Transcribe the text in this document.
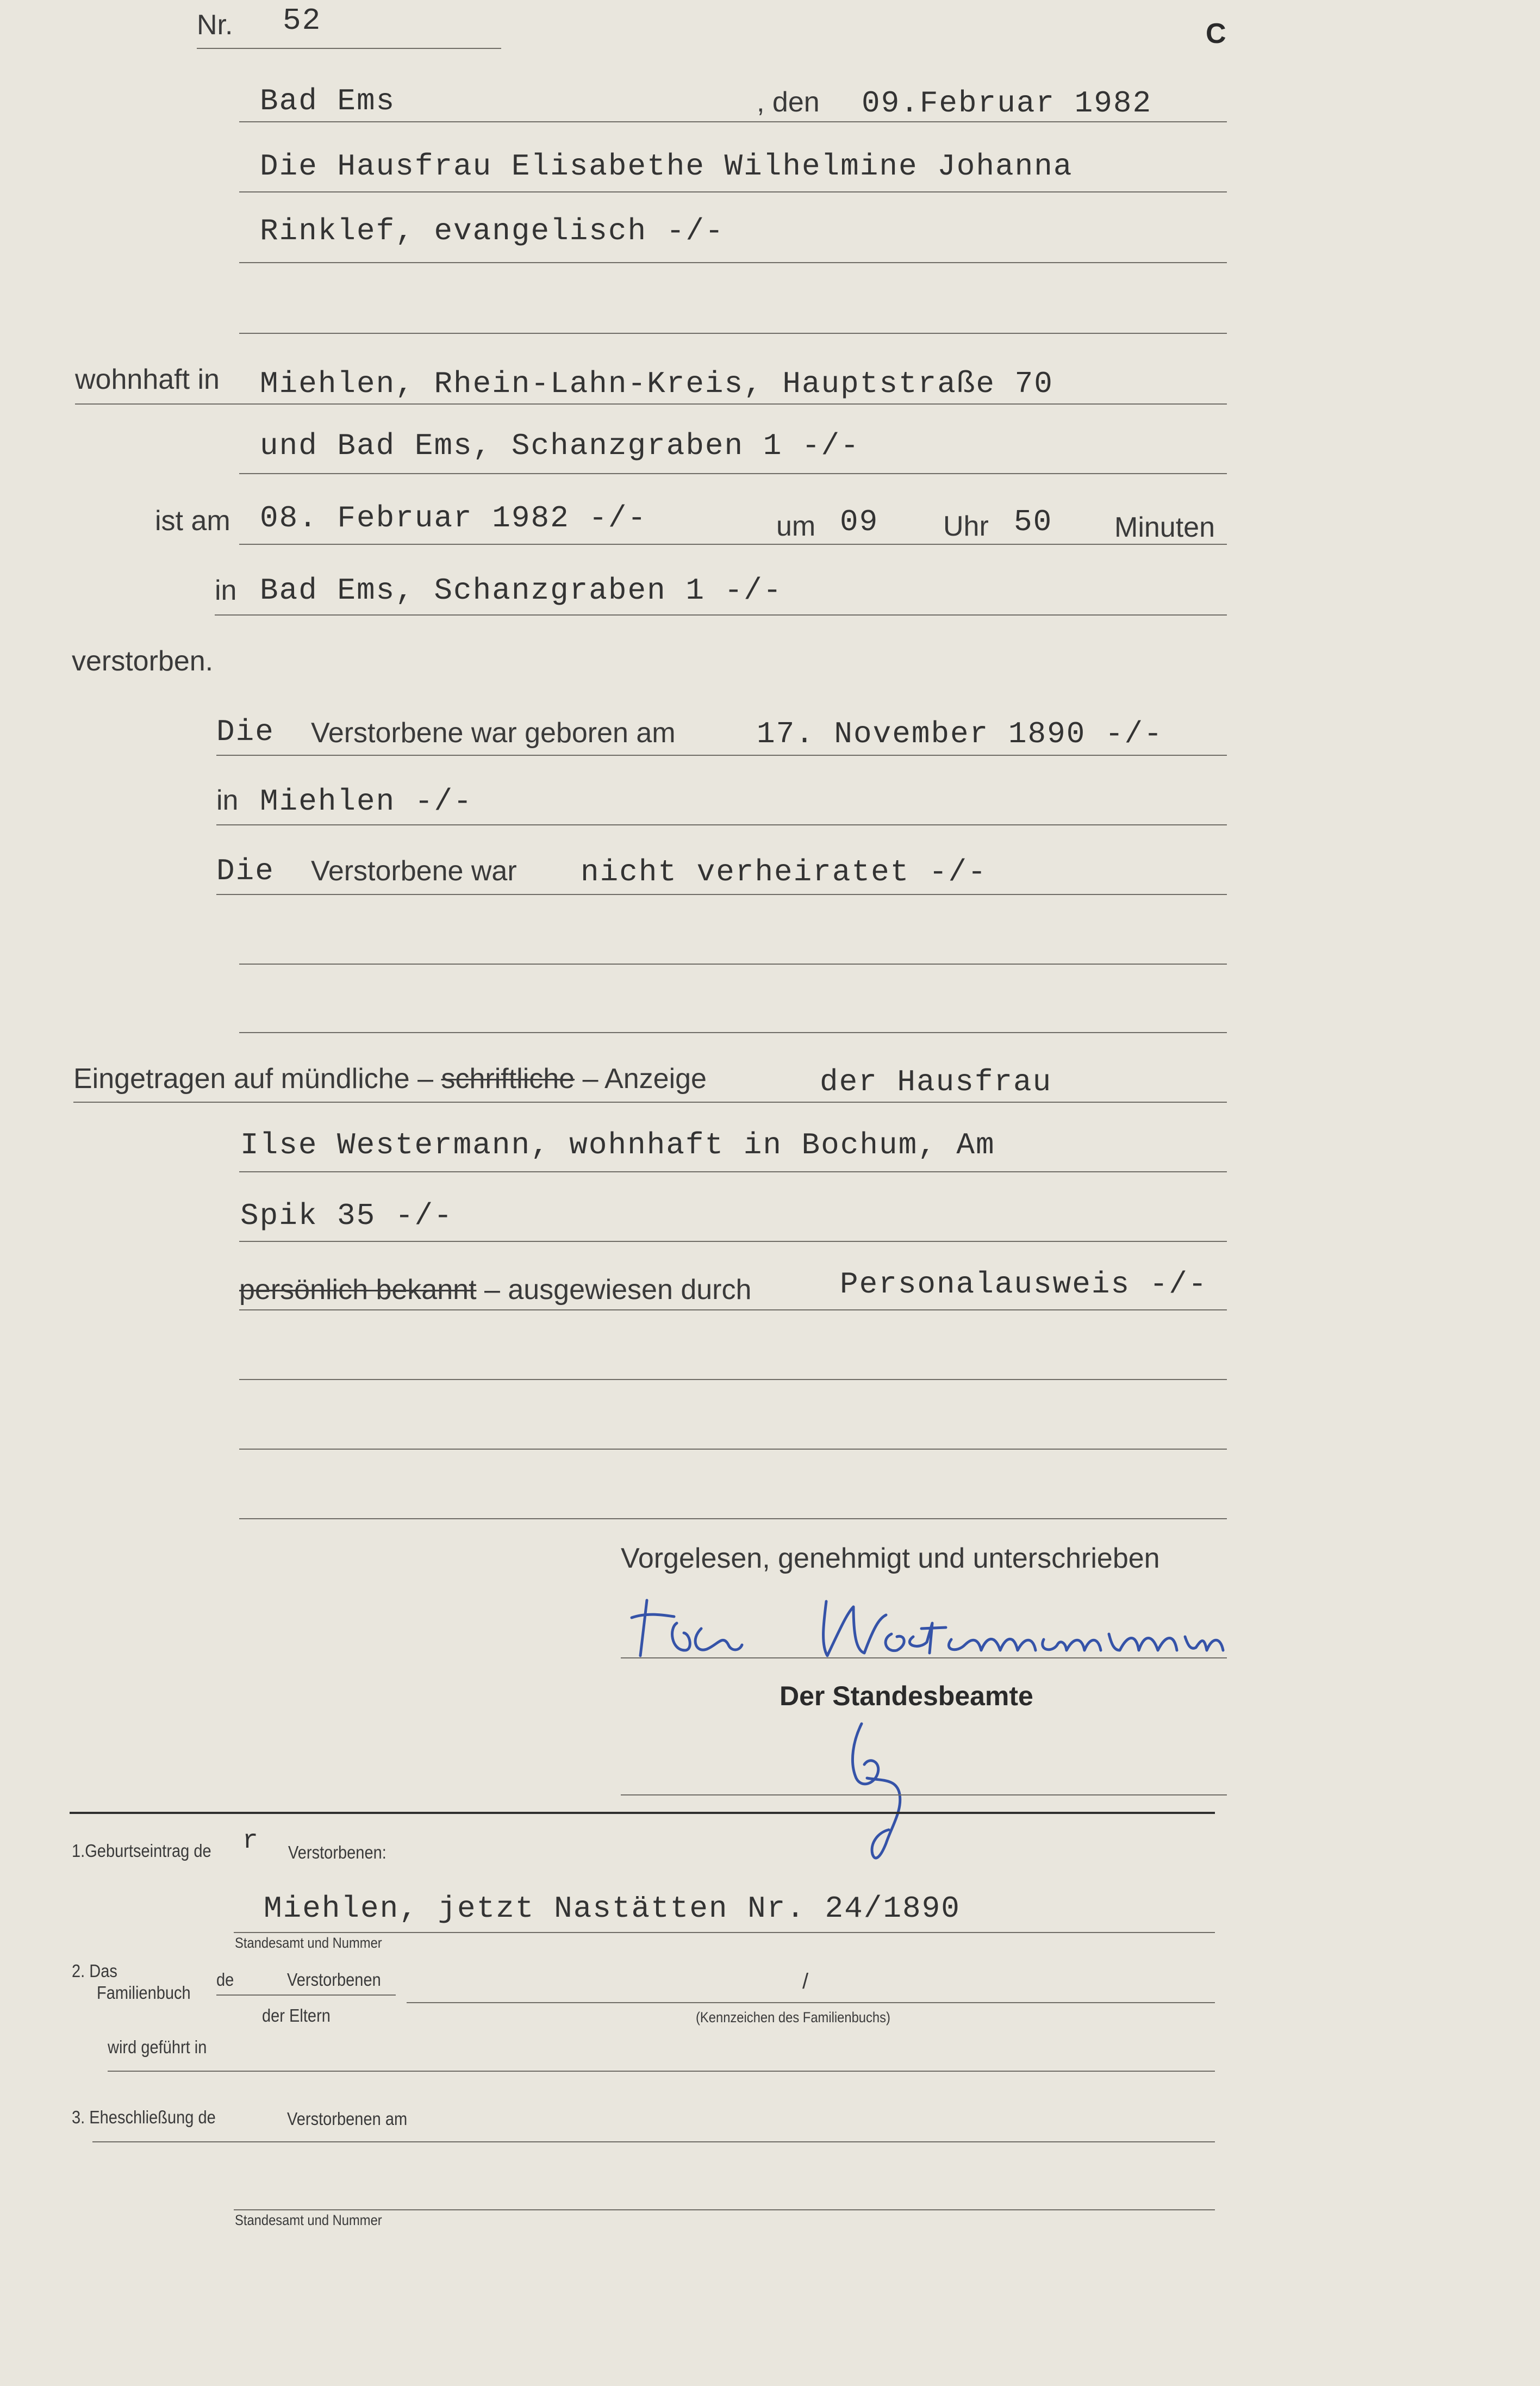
Nr. 52	C
Bad Ems	, den 09.Februar 1982
Die Hausfrau Elisabethe Wilhelmine Johanna
Rinklef, evangelisch -/-
wohnhaft in Miehlen, Rhein-Lahn-Kreis, Hauptstraße 70
und Bad Ems, Schanzgraben 1 -/-
ist am 08. Februar 1982 -/-	um 09 Uhr 50 Minuten
in Bad Ems, Schanzgraben 1 -/-
verstorben.
Die Verstorbene war geboren am	17. November 1890 -/-
in Miehlen -/-
Die Verstorbene war nicht verheiratet -/-
Eingetragen auf mündliche – schriftliche – Anzeige	der Hausfrau
Ilse Westermann, wohnhaft in Bochum, Am
Spik 35 -/-
persönlich bekannt – ausgewiesen durch	Personalausweis -/-
Vorgelesen, genehmigt und unterschrieben
Der Standesbeamte
1.Geburtseintrag de r Verstorbenen:
Miehlen, jetzt Nastätten Nr. 24/1890
Standesamt und Nummer
2. Das
Familienbuch
de	Verstorbenen
der Eltern
/
(Kennzeichen des Familienbuchs)
wird geführt in
3. Eheschließung de	Verstorbenen am
Standesamt und Nummer
